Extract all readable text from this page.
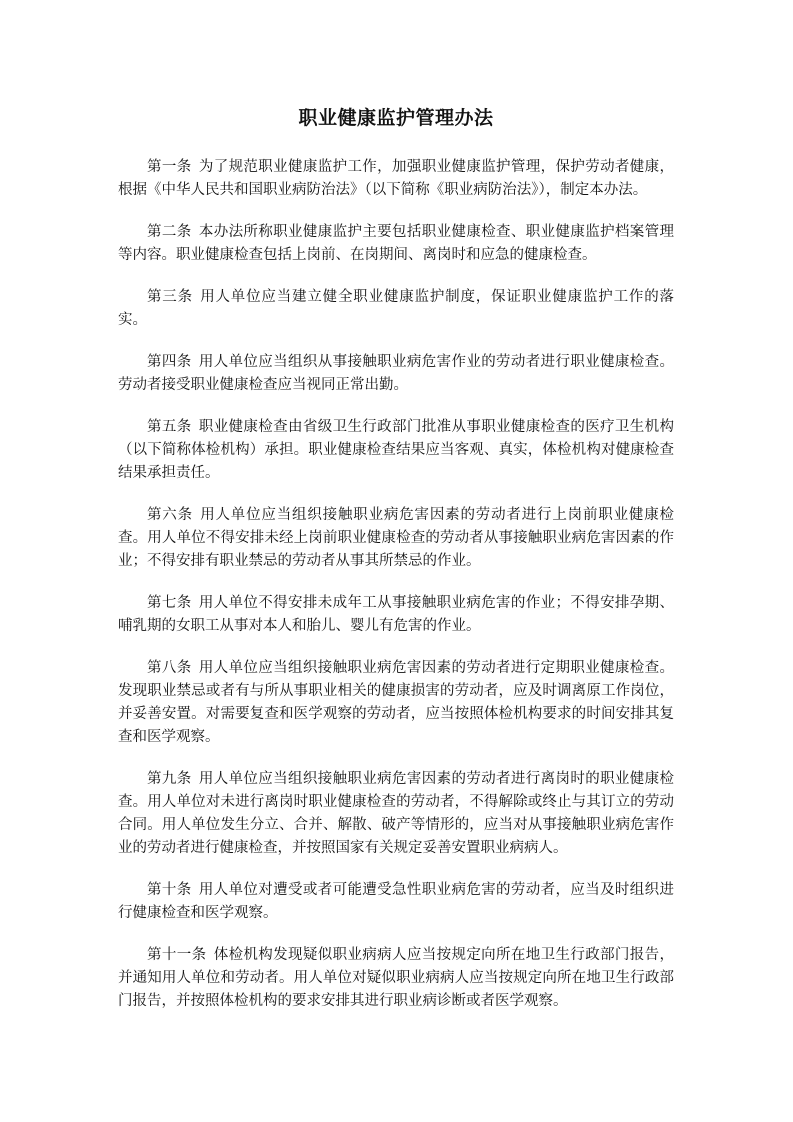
职业健康监护管理办法

第一条 为了规范职业健康监护工作，加强职业健康监护管理，保护劳动者健康，根据《中华人民共和国职业病防治法》（以下简称《职业病防治法》），制定本办法。

第二条 本办法所称职业健康监护主要包括职业健康检查、职业健康监护档案管理等内容。职业健康检查包括上岗前、在岗期间、离岗时和应急的健康检查。

第三条 用人单位应当建立健全职业健康监护制度，保证职业健康监护工作的落实。

第四条 用人单位应当组织从事接触职业病危害作业的劳动者进行职业健康检查。劳动者接受职业健康检查应当视同正常出勤。

第五条 职业健康检查由省级卫生行政部门批准从事职业健康检查的医疗卫生机构（以下简称体检机构）承担。职业健康检查结果应当客观、真实，体检机构对健康检查结果承担责任。

第六条 用人单位应当组织接触职业病危害因素的劳动者进行上岗前职业健康检查。用人单位不得安排未经上岗前职业健康检查的劳动者从事接触职业病危害因素的作业；不得安排有职业禁忌的劳动者从事其所禁忌的作业。

第七条 用人单位不得安排未成年工从事接触职业病危害的作业；不得安排孕期、哺乳期的女职工从事对本人和胎儿、婴儿有危害的作业。

第八条 用人单位应当组织接触职业病危害因素的劳动者进行定期职业健康检查。发现职业禁忌或者有与所从事职业相关的健康损害的劳动者，应及时调离原工作岗位，并妥善安置。对需要复查和医学观察的劳动者，应当按照体检机构要求的时间安排其复查和医学观察。

第九条 用人单位应当组织接触职业病危害因素的劳动者进行离岗时的职业健康检查。用人单位对未进行离岗时职业健康检查的劳动者，不得解除或终止与其订立的劳动合同。用人单位发生分立、合并、解散、破产等情形的，应当对从事接触职业病危害作业的劳动者进行健康检查，并按照国家有关规定妥善安置职业病病人。

第十条 用人单位对遭受或者可能遭受急性职业病危害的劳动者，应当及时组织进行健康检查和医学观察。

第十一条 体检机构发现疑似职业病病人应当按规定向所在地卫生行政部门报告，并通知用人单位和劳动者。用人单位对疑似职业病病人应当按规定向所在地卫生行政部门报告，并按照体检机构的要求安排其进行职业病诊断或者医学观察。
